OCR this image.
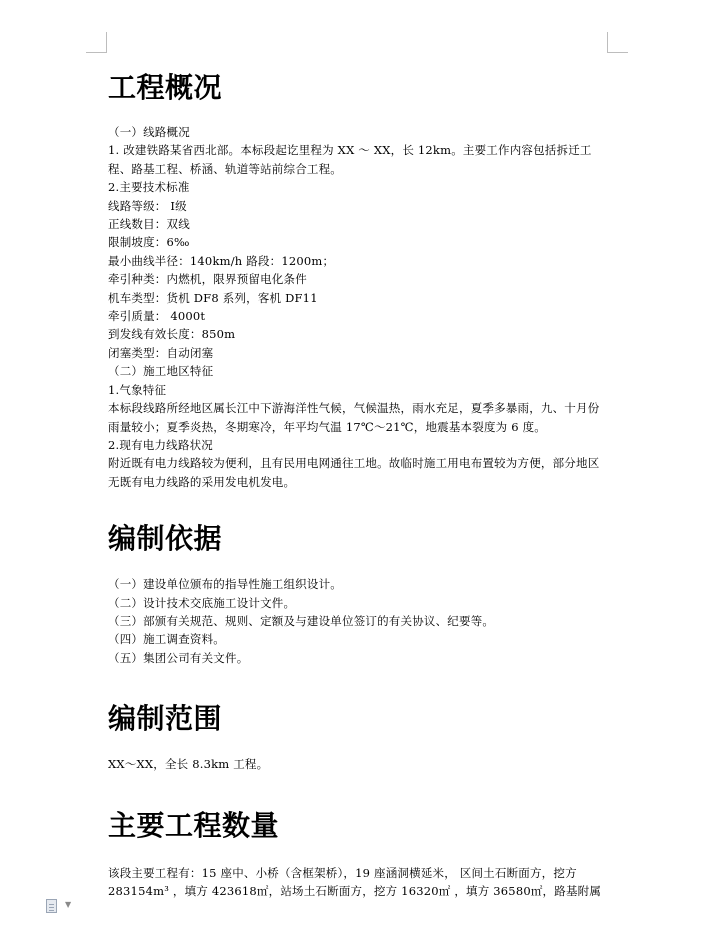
工程概况

（一）线路概况

1. 改建铁路某省西北部。本标段起讫里程为 XX ～ XX，长 12km。主要工作内容包括拆迁工程、路基工程、桥涵、轨道等站前综合工程。

2.主要技术标准

线路等级： Ⅰ级

正线数目：双线

限制坡度：6‰

最小曲线半径：140km/h 路段：1200m；

牵引种类：内燃机，限界预留电化条件

机车类型：货机 DF8 系列，客机 DF11

牵引质量： 4000t

到发线有效长度：850m

闭塞类型：自动闭塞

（二）施工地区特征

1.气象特征

本标段线路所经地区属长江中下游海洋性气候，气候温热，雨水充足，夏季多暴雨，九、十月份雨量较小；夏季炎热，冬期寒冷，年平均气温 17℃～21℃，地震基本裂度为 6 度。

2.现有电力线路状况

附近既有电力线路较为便利，且有民用电网通往工地。故临时施工用电布置较为方便，部分地区无既有电力线路的采用发电机发电。

编制依据

（一）建设单位颁布的指导性施工组织设计。

（二）设计技术交底施工设计文件。

（三）部颁有关规范、规则、定额及与建设单位签订的有关协议、纪要等。

（四）施工调查资料。

（五）集团公司有关文件。

编制范围

XX～XX，全长 8.3km 工程。

主要工程数量

该段主要工程有：15 座中、小桥（含框架桥），19 座涵洞横延米， 区间土石断面方，挖方 283154m³ ，填方 423618㎡，站场土石断面方，挖方 16320㎡ ，填方 36580㎡，路基附属

▼
